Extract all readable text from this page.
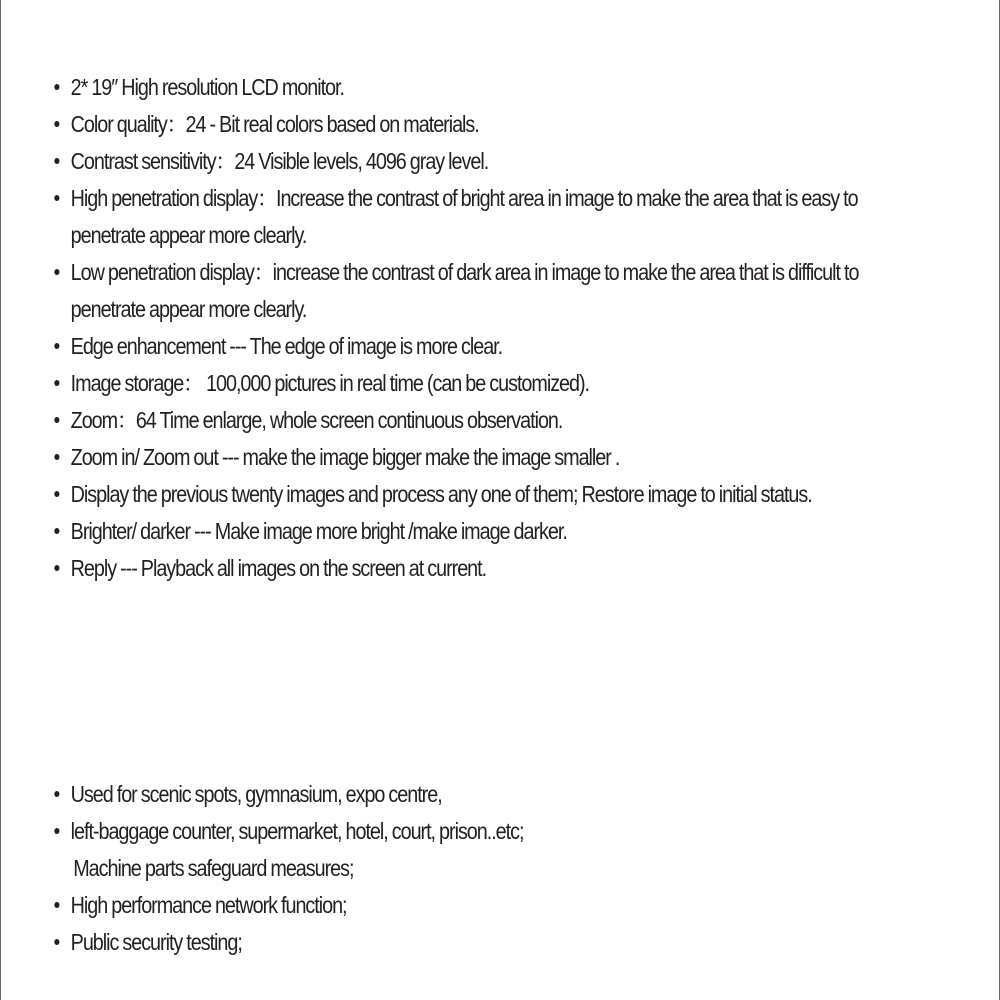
2* 19″ High resolution LCD monitor.
Color quality：24 - Bit real colors based on materials.
Contrast sensitivity：24 Visible levels, 4096 gray level.
High penetration display：Increase the contrast of bright area in image to make the area that is easy to penetrate appear more clearly.
Low penetration display：increase the contrast of dark area in image to make the area that is difficult to penetrate appear more clearly.
Edge enhancement --- The edge of image is more clear.
Image storage： 100,000 pictures in real time (can be customized).
Zoom：64 Time enlarge, whole screen continuous observation.
Zoom in/ Zoom out --- make the image bigger make the image smaller .
Display the previous twenty images and process any one of them; Restore image to initial status.
Brighter/ darker --- Make image more bright /make image darker.
Reply --- Playback all images on the screen at current.
Used for scenic spots, gymnasium, expo centre,
left-baggage counter, supermarket, hotel, court, prison..etc;
Machine parts safeguard measures;
High performance network function;
Public security testing;
